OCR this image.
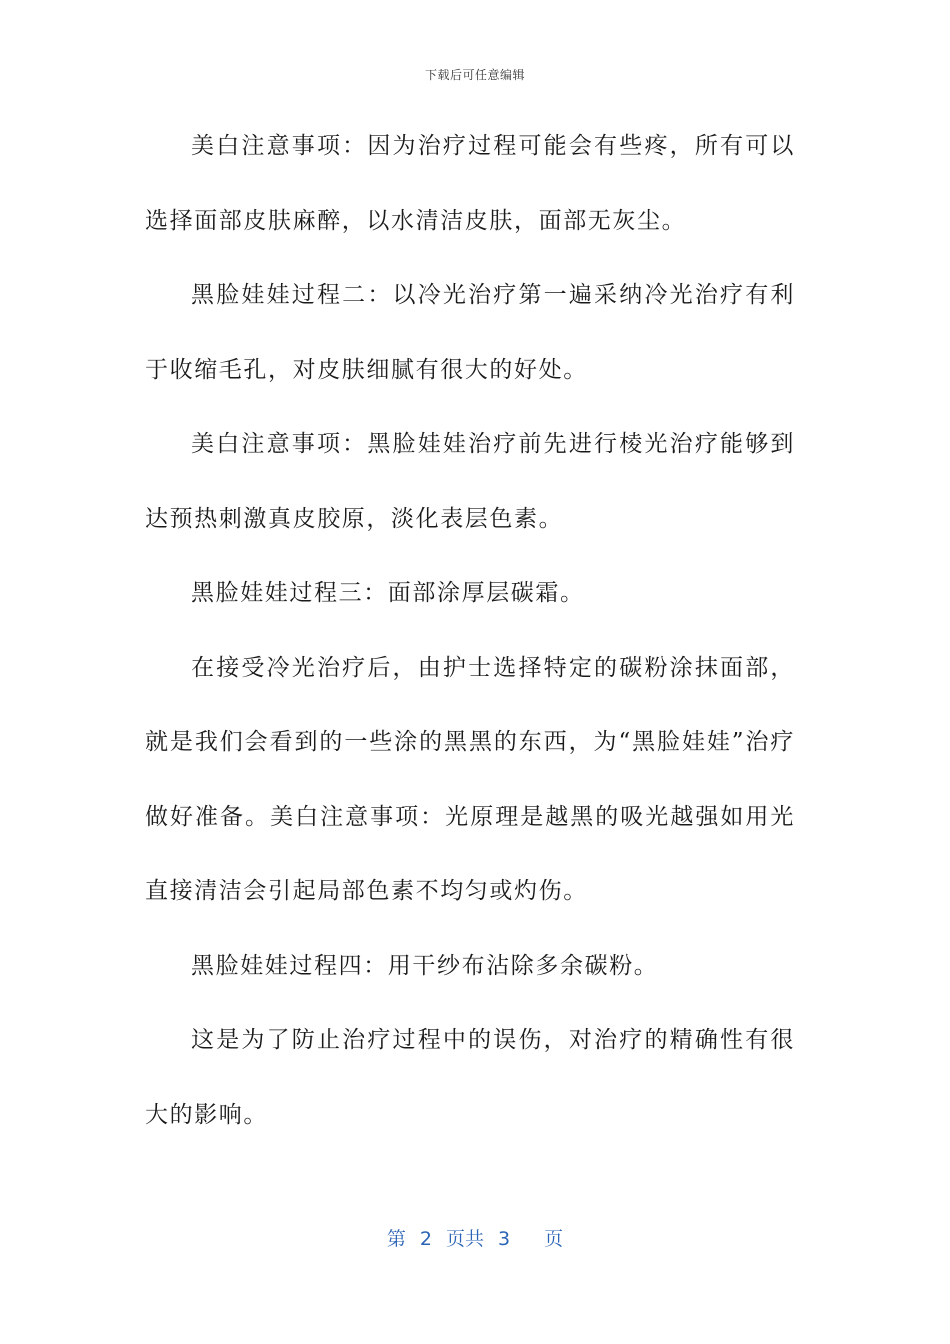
下载后可任意编辑

美白注意事项：因为治疗过程可能会有些疼，所有可以选择面部皮肤麻醉，以水清洁皮肤，面部无灰尘。

黑脸娃娃过程二：以冷光治疗第一遍采纳冷光治疗有利于收缩毛孔，对皮肤细腻有很大的好处。

美白注意事项：黑脸娃娃治疗前先进行棱光治疗能够到达预热刺激真皮胶原，淡化表层色素。

黑脸娃娃过程三：面部涂厚层碳霜。

在接受冷光治疗后，由护士选择特定的碳粉涂抹面部，就是我们会看到的一些涂的黑黑的东西，为“黑脸娃娃”治疗做好准备。美白注意事项：光原理是越黑的吸光越强如用光直接清洁会引起局部色素不均匀或灼伤。

黑脸娃娃过程四：用干纱布沾除多余碳粉。

这是为了防止治疗过程中的误伤，对治疗的精确性有很大的影响。

第 2 页共 3 页
